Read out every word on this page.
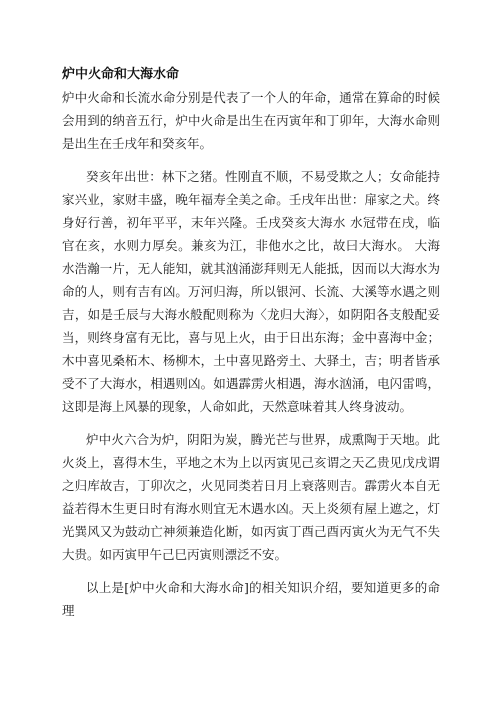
炉中火命和大海水命

炉中火命和长流水命分别是代表了一个人的年命，通常在算命的时候会用到的纳音五行，炉中火命是出生在丙寅年和丁卯年，大海水命则是出生在壬戌年和癸亥年。

癸亥年出世：林下之猪。性刚直不顺，不易受欺之人；女命能持家兴业，家财丰盛，晚年福寿全美之命。壬戌年出世：扉家之犬。终身好行善，初年平平，末年兴隆。壬戌癸亥大海水 水冠带在戌，临官在亥，水则力厚矣。兼亥为江，非他水之比，故曰大海水。 大海水浩瀚一片，无人能知，就其汹涌澎拜则无人能抵，因而以大海水为命的人，则有吉有凶。万河归海，所以银河、长流、大溪等水遇之则吉，如是壬辰与大海水般配则称为〈龙归大海〉，如阴阳各支般配妥当，则终身富有无比，喜与见上火，由于日出东海；金中喜海中金；木中喜见桑柘木、杨柳木，土中喜见路旁土、大驿土，吉；明者皆承受不了大海水，相遇则凶。如遇霹雳火相遇，海水汹涌，电闪雷鸣，这即是海上风暴的现象，人命如此，天然意味着其人终身波动。

炉中火六合为炉，阴阳为炭，腾光芒与世界，成熏陶于天地。此火炎上，喜得木生，平地之木为上以丙寅见己亥谓之天乙贵见戊戌谓之归库故吉，丁卯次之，火见同类若日月上衰落则吉。霹雳火本自无益若得木生更日时有海水则宜无木遇水凶。天上炎须有屋上遮之，灯光巽风又为鼓动亡神须兼造化断，如丙寅丁酉己酉丙寅火为无气不失大贵。如丙寅甲午己巳丙寅则漂泛不安。

以上是[炉中火命和大海水命]的相关知识介绍，要知道更多的命理
